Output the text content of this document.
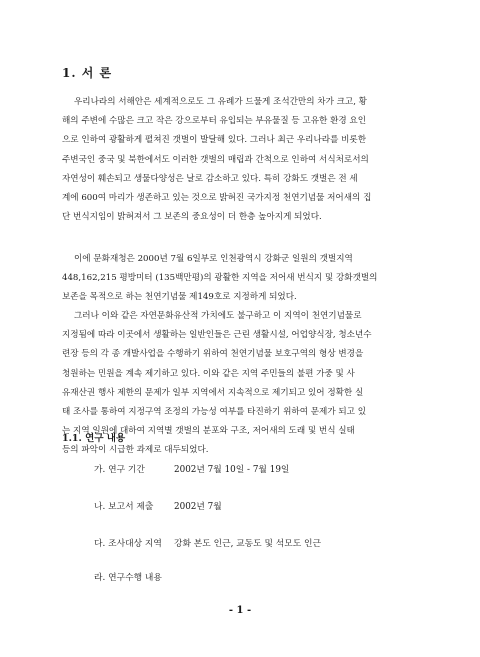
1. 서 론
우리나라의 서해안은 세계적으로도 그 유례가 드물게 조석간만의 차가 크고, 황
해의 주변에 수많은 크고 작은 강으로부터 유입되는 부유물질 등 고유한 환경 요인
으로 인하여 광활하게 펼쳐진 갯벌이 발달해 있다. 그러나 최근 우리나라를 비롯한
주변국인 중국 및 북한에서도 이러한 갯벌의 매립과 간척으로 인하여 서식처로서의
자연성이 훼손되고 생물다양성은 날로 감소하고 있다. 특히 강화도 갯벌은 전 세
계에 600여 마리가 생존하고 있는 것으로 밝혀진 국가지정 천연기념물 저어새의 집
단 번식지임이 밝혀져서 그 보존의 중요성이 더 한층 높아지게 되었다.
이에 문화재청은 2000년 7월 6일부로 인천광역시 강화군 일원의 갯벌지역
448,162,215 평방미터 (135백만평)의 광활한 지역을 저어새 번식지 및 강화갯벌의
보존을 목적으로 하는 천연기념물 제149호로 지정하게 되었다.
그러나 이와 같은 자연문화유산적 가치에도 불구하고 이 지역이 천연기념물로
지정됨에 따라 이곳에서 생활하는 일반인들은 근린 생활시설, 어업양식장, 청소년수
련장 등의 각 종 개발사업을 수행하기 위하여 천연기념물 보호구역의 형상 변경을
청원하는 민원을 계속 제기하고 있다. 이와 같은 지역 주민들의 불편 가중 및 사
유재산권 행사 제한의 문제가 일부 지역에서 지속적으로 제기되고 있어 정확한 실
태 조사를 통하여 지정구역 조정의 가능성 여부를 타진하기 위하여 문제가 되고 있
는 지역 일원에 대하여 지역별 갯벌의 분포와 구조, 저어새의 도래 및 번식 실태
등의 파악이 시급한 과제로 대두되었다.
1.1. 연구 내용
가. 연구 기간	2002년 7월 10일 - 7월 19일
나. 보고서 제출 2002년 7월
다. 조사대상 지역 강화 본도 인근, 교동도 및 석모도 인근
라. 연구수행 내용
- 1 -
